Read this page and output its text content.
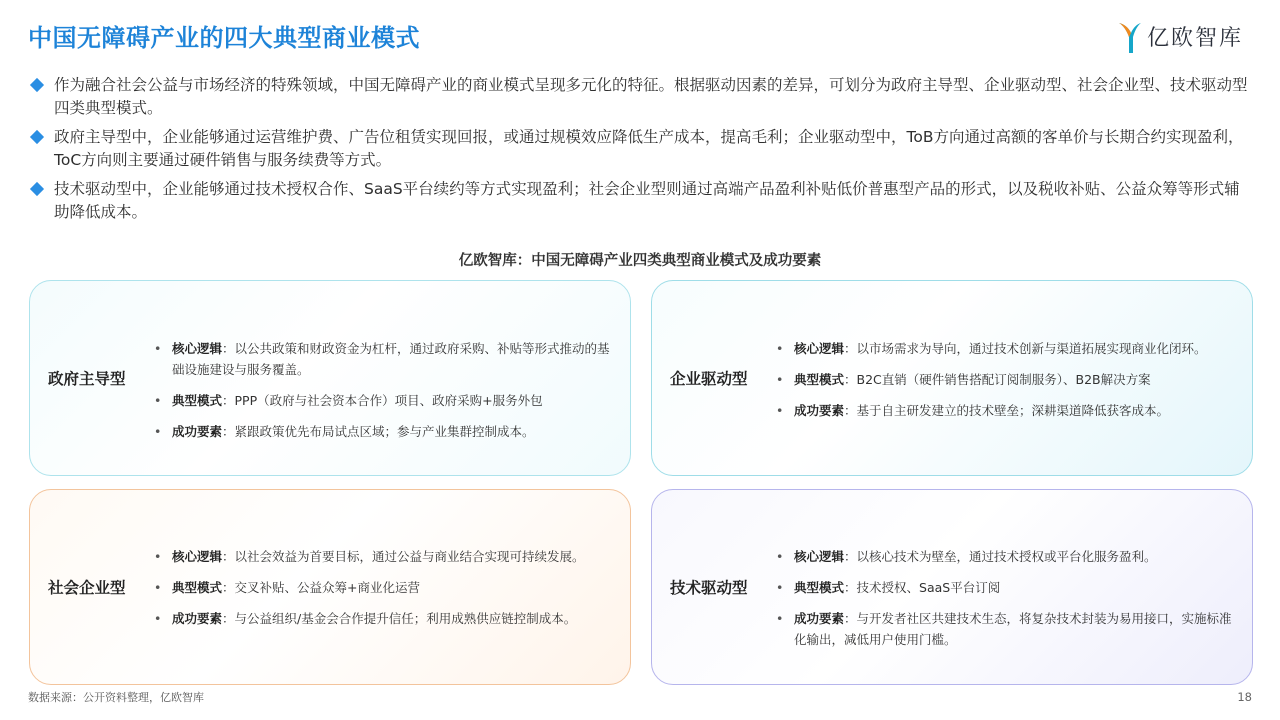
中国无障碍产业的四大典型商业模式	亿欧智库
作为融合社会公益与市场经济的特殊领域，中国无障碍产业的商业模式呈现多元化的特征。根据驱动因素的差异，可划分为政府主导型、企业驱动型、社会企业型、技术驱动型四类典型模式。
政府主导型中，企业能够通过运营维护费、广告位租赁实现回报，或通过规模效应降低生产成本，提高毛利；企业驱动型中，ToB方向通过高额的客单价与长期合约实现盈利，ToC方向则主要通过硬件销售与服务续费等方式。
技术驱动型中，企业能够通过技术授权合作、SaaS平台续约等方式实现盈利；社会企业型则通过高端产品盈利补贴低价普惠型产品的形式，以及税收补贴、公益众筹等形式辅助降低成本。
亿欧智库：中国无障碍产业四类典型商业模式及成功要素
政府主导型
• 核心逻辑：以公共政策和财政资金为杠杆，通过政府采购、补贴等形式推动的基础设施建设与服务覆盖。
• 典型模式：PPP（政府与社会资本合作）项目、政府采购+服务外包
• 成功要素：紧跟政策优先布局试点区域；参与产业集群控制成本。
企业驱动型
• 核心逻辑：以市场需求为导向，通过技术创新与渠道拓展实现商业化闭环。
• 典型模式：B2C直销（硬件销售搭配订阅制服务）、B2B解决方案
• 成功要素：基于自主研发建立的技术壁垒；深耕渠道降低获客成本。
社会企业型
• 核心逻辑：以社会效益为首要目标，通过公益与商业结合实现可持续发展。
• 典型模式：交叉补贴、公益众筹+商业化运营
• 成功要素：与公益组织/基金会合作提升信任；利用成熟供应链控制成本。
技术驱动型
• 核心逻辑：以核心技术为壁垒，通过技术授权或平台化服务盈利。
• 典型模式：技术授权、SaaS平台订阅
• 成功要素：与开发者社区共建技术生态，将复杂技术封装为易用接口，实施标准化输出，减低用户使用门槛。
数据来源：公开资料整理，亿欧智库	18
